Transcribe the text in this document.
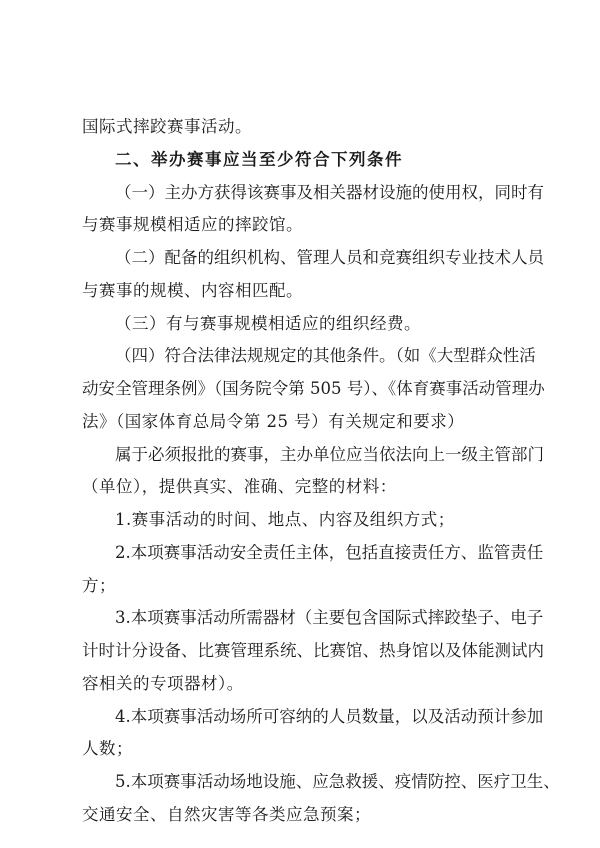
国际式摔跤赛事活动。
二、举办赛事应当至少符合下列条件
（一）主办方获得该赛事及相关器材设施的使用权，同时有
与赛事规模相适应的摔跤馆。
（二）配备的组织机构、管理人员和竞赛组织专业技术人员
与赛事的规模、内容相匹配。
（三）有与赛事规模相适应的组织经费。
（四）符合法律法规规定的其他条件。（如《大型群众性活
动安全管理条例》（国务院令第 505 号）、《体育赛事活动管理办
法》（国家体育总局令第 25 号）有关规定和要求）
属于必须报批的赛事，主办单位应当依法向上一级主管部门
（单位），提供真实、准确、完整的材料：
1.赛事活动的时间、地点、内容及组织方式；
2.本项赛事活动安全责任主体，包括直接责任方、监管责任
方；
3.本项赛事活动所需器材（主要包含国际式摔跤垫子、电子
计时计分设备、比赛管理系统、比赛馆、热身馆以及体能测试内
容相关的专项器材）。
4.本项赛事活动场所可容纳的人员数量，以及活动预计参加
人数；
5.本项赛事活动场地设施、应急救援、疫情防控、医疗卫生、
交通安全、自然灾害等各类应急预案；
